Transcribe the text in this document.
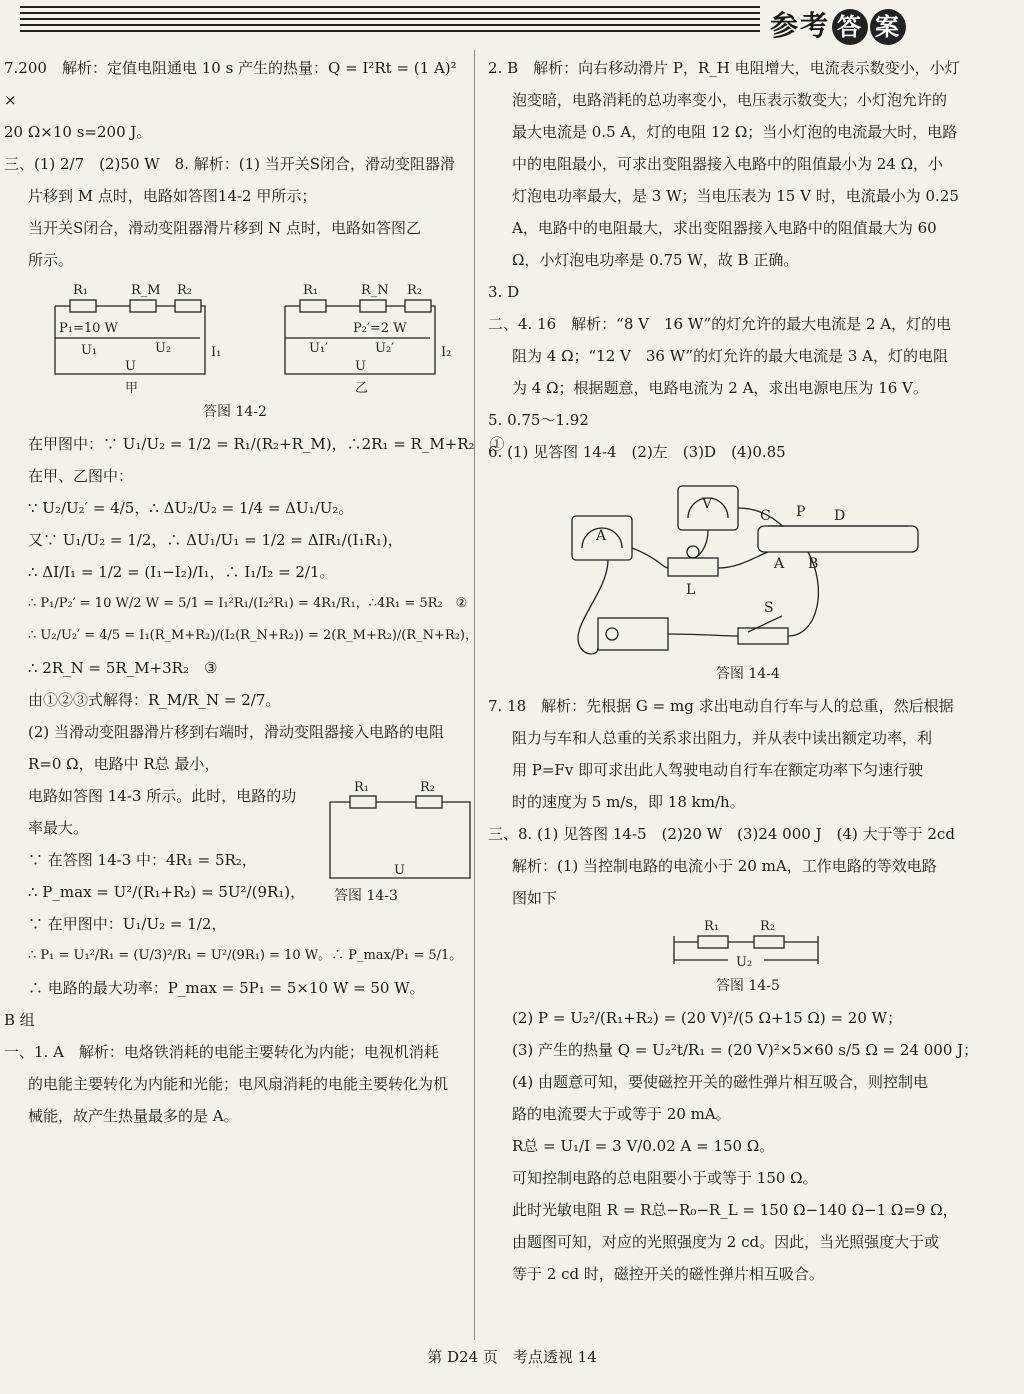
参考 答 案

7.200　解析：定值电阻通电 10 s 产生的热量：Q = I²Rt = (1 A)² ×

20 Ω×10 s=200 J。

三、(1) 2/7　(2)50 W　8. 解析：(1) 当开关S闭合，滑动变阻器滑

片移到 M 点时，电路如答图14-2 甲所示；

当开关S闭合，滑动变阻器滑片移到 N 点时，电路如答图乙

所示。

R₁	R_M R₂
P₁=10 W
U₁	U₂	I₁
U
甲
R₁	R_N R₂
P₂′=2 W
U₁′	U₂′	I₂
U
乙

答图 14-2

在甲图中：∵ U₁/U₂ = 1/2 = R₁/(R₂+R_M)，∴2R₁ = R_M+R₂　①

在甲、乙图中：

∵ U₂/U₂′ = 4/5，∴ ΔU₂/U₂ = 1/4 = ΔU₁/U₂。

又∵ U₁/U₂ = 1/2，∴ ΔU₁/U₁ = 1/2 = ΔIR₁/(I₁R₁)，

∴ ΔI/I₁ = 1/2 = (I₁−I₂)/I₁，∴ I₁/I₂ = 2/1。

∴ P₁/P₂′ = 10 W/2 W = 5/1 = I₁²R₁/(I₂²R₁) = 4R₁/R₁，∴4R₁ = 5R₂　②

∴ U₂/U₂′ = 4/5 = I₁(R_M+R₂)/(I₂(R_N+R₂)) = 2(R_M+R₂)/(R_N+R₂)，

∴ 2R_N = 5R_M+3R₂　③

由①②③式解得：R_M/R_N = 2/7。

(2) 当滑动变阻器滑片移到右端时，滑动变阻器接入电路的电阻

R=0 Ω，电路中 R总 最小，

电路如答图 14-3 所示。此时，电路的功

率最大。

R₁	R₂
U

∵ 在答图 14-3 中：4R₁ = 5R₂，

∴ P_max = U²/(R₁+R₂) = 5U²/(9R₁)，	答图 14-3

∵ 在甲图中：U₁/U₂ = 1/2，

∴ P₁ = U₁²/R₁ = (U/3)²/R₁ = U²/(9R₁) = 10 W。∴ P_max/P₁ = 5/1。

∴ 电路的最大功率：P_max = 5P₁ = 5×10 W = 50 W。

B 组

一、1. A　解析：电烙铁消耗的电能主要转化为内能；电视机消耗

的电能主要转化为内能和光能；电风扇消耗的电能主要转化为机

械能，故产生热量最多的是 A。

2. B　解析：向右移动滑片 P，R_H 电阻增大，电流表示数变小，小灯

泡变暗，电路消耗的总功率变小，电压表示数变大；小灯泡允许的

最大电流是 0.5 A，灯的电阻 12 Ω；当小灯泡的电流最大时，电路

中的电阻最小，可求出变阻器接入电路中的阻值最小为 24 Ω，小

灯泡电功率最大，是 3 W；当电压表为 15 V 时，电流最小为 0.25

A，电路中的电阻最大，求出变阻器接入电路中的阻值最大为 60

Ω，小灯泡电功率是 0.75 W，故 B 正确。

3. D

二、4. 16　解析：“8 V　16 W”的灯允许的最大电流是 2 A，灯的电

阻为 4 Ω；“12 V　36 W”的灯允许的最大电流是 3 A，灯的电阻

为 4 Ω；根据题意，电路电流为 2 A，求出电源电压为 16 V。

5. 0.75～1.92

6. (1) 见答图 14-4　(2)左　(3)D　(4)0.85

V
A
C P D
A B
L
S

答图 14-4

7. 18　解析：先根据 G = mg 求出电动自行车与人的总重，然后根据

阻力与车和人总重的关系求出阻力，并从表中读出额定功率，利

用 P=Fv 即可求出此人驾驶电动自行车在额定功率下匀速行驶

时的速度为 5 m/s，即 18 km/h。

三、8. (1) 见答图 14-5　(2)20 W　(3)24 000 J　(4) 大于等于 2cd

解析：(1) 当控制电路的电流小于 20 mA，工作电路的等效电路

图如下

R₁	R₂
U₂

答图 14-5

(2) P = U₂²/(R₁+R₂) = (20 V)²/(5 Ω+15 Ω) = 20 W；

(3) 产生的热量 Q = U₂²t/R₁ = (20 V)²×5×60 s/5 Ω = 24 000 J；

(4) 由题意可知，要使磁控开关的磁性弹片相互吸合，则控制电

路的电流要大于或等于 20 mA。

R总 = U₁/I = 3 V/0.02 A = 150 Ω。

可知控制电路的总电阻要小于或等于 150 Ω。

此时光敏电阻 R = R总−R₀−R_L = 150 Ω−140 Ω−1 Ω=9 Ω，

由题图可知，对应的光照强度为 2 cd。因此，当光照强度大于或

等于 2 cd 时，磁控开关的磁性弹片相互吸合。

第 D24 页　考点透视 14
